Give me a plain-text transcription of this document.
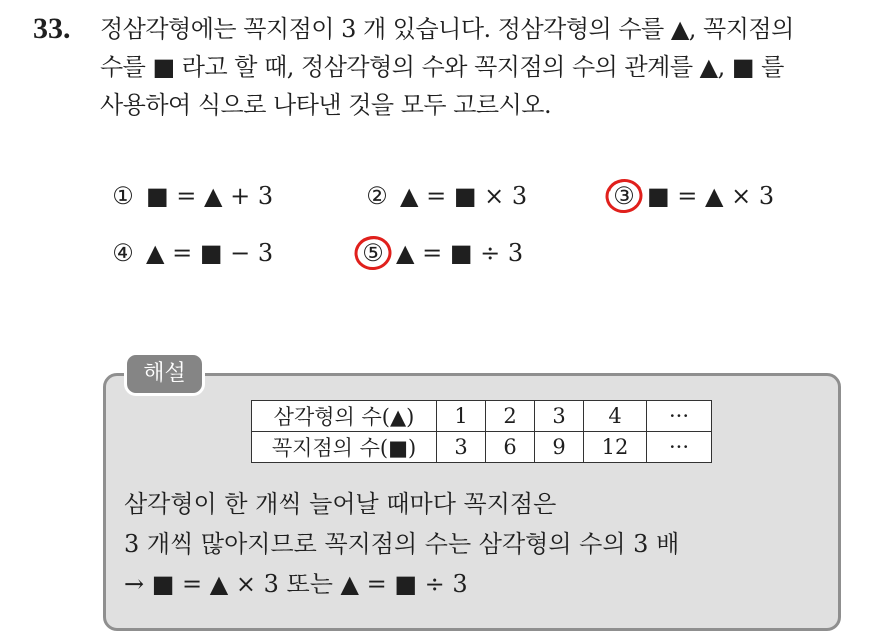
33. 정삼각형에는 꼭지점이 3 개 있습니다. 정삼각형의 수를 ▲, 꼭지점의
수를 ■ 라고 할 때, 정삼각형의 수와 꼭지점의 수의 관계를 ▲, ■ 를
사용하여 식으로 나타낸 것을 모두 고르시오.
① ■ = ▲ + 3	② ▲ = ■ × 3	③ ■ = ▲ × 3
④ ▲ = ■ − 3	⑤ ▲ = ■ ÷ 3
해설
삼각형의 수(▲)	1	2	3	4	···
꼭지점의 수(■)	3	6	9	12	···
삼각형이 한 개씩 늘어날 때마다 꼭지점은
3 개씩 많아지므로 꼭지점의 수는 삼각형의 수의 3 배
→ ■ = ▲ × 3 또는 ▲ = ■ ÷ 3
